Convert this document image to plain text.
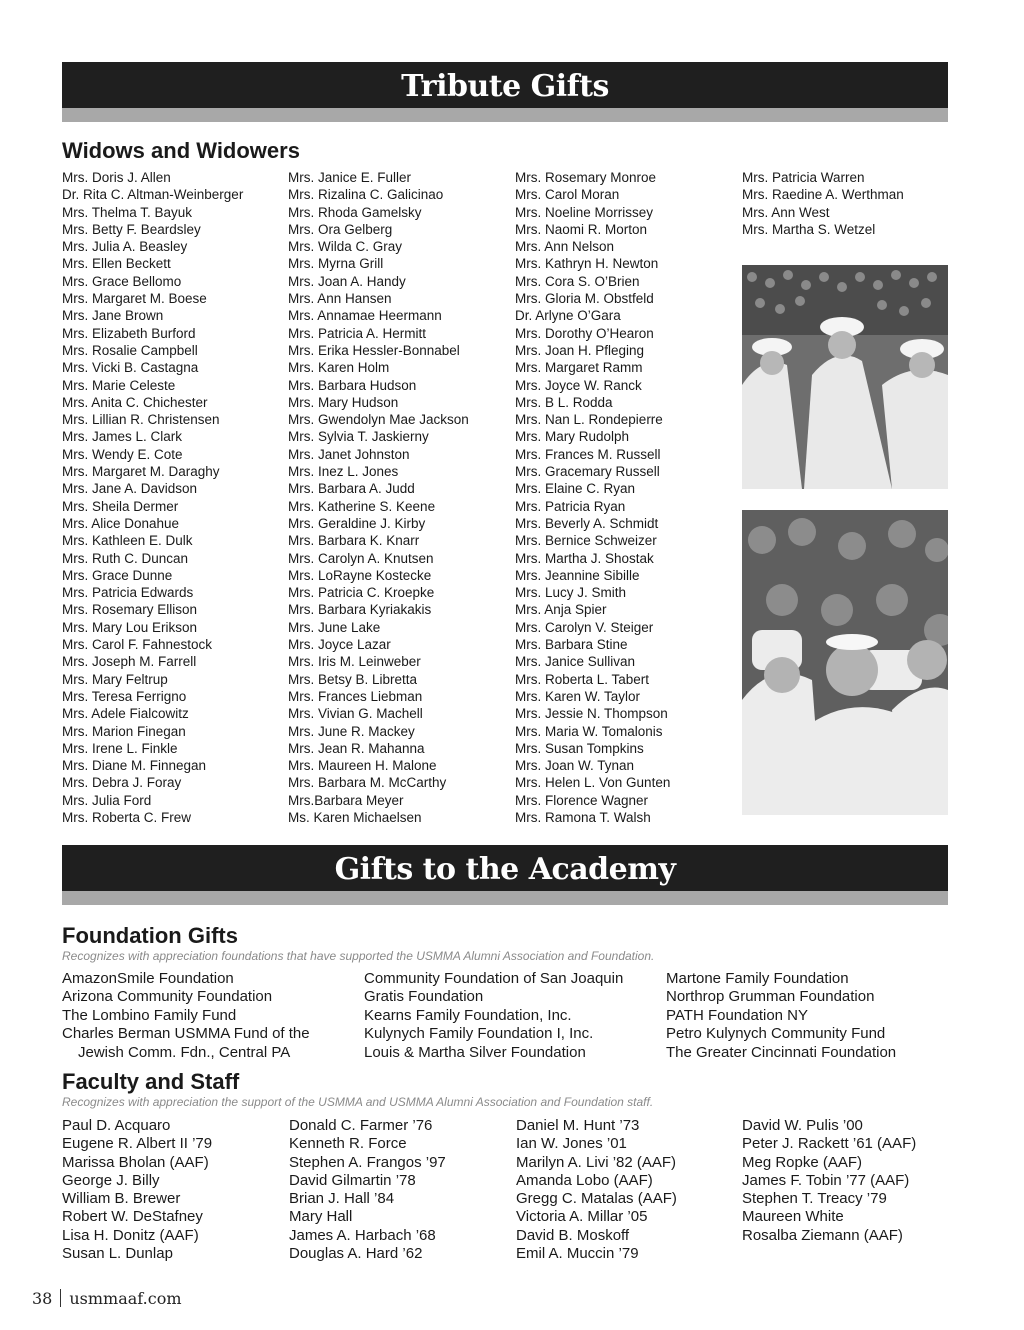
Tribute Gifts
Widows and Widowers
Mrs. Doris J. Allen
Dr. Rita C. Altman-Weinberger
Mrs. Thelma T. Bayuk
Mrs. Betty F. Beardsley
Mrs. Julia A. Beasley
Mrs. Ellen Beckett
Mrs. Grace Bellomo
Mrs. Margaret M. Boese
Mrs. Jane Brown
Mrs. Elizabeth Burford
Mrs. Rosalie Campbell
Mrs. Vicki B. Castagna
Mrs. Marie Celeste
Mrs. Anita C. Chichester
Mrs. Lillian R. Christensen
Mrs. James L. Clark
Mrs. Wendy E. Cote
Mrs. Margaret M. Daraghy
Mrs. Jane A. Davidson
Mrs. Sheila Dermer
Mrs. Alice Donahue
Mrs. Kathleen E. Dulk
Mrs. Ruth C. Duncan
Mrs. Grace Dunne
Mrs. Patricia Edwards
Mrs. Rosemary Ellison
Mrs. Mary Lou Erikson
Mrs. Carol F. Fahnestock
Mrs. Joseph M. Farrell
Mrs. Mary Feltrup
Mrs. Teresa Ferrigno
Mrs. Adele Fialcowitz
Mrs. Marion Finegan
Mrs. Irene L. Finkle
Mrs. Diane M. Finnegan
Mrs. Debra J. Foray
Mrs. Julia Ford
Mrs. Roberta C. Frew
Mrs. Janice E. Fuller
Mrs. Rizalina C. Galicinao
Mrs. Rhoda Gamelsky
Mrs. Ora Gelberg
Mrs. Wilda C. Gray
Mrs. Myrna Grill
Mrs. Joan A. Handy
Mrs. Ann Hansen
Mrs. Annamae Heermann
Mrs. Patricia A. Hermitt
Mrs. Erika Hessler-Bonnabel
Mrs. Karen Holm
Mrs. Barbara Hudson
Mrs. Mary Hudson
Mrs. Gwendolyn Mae Jackson
Mrs. Sylvia T. Jaskierny
Mrs. Janet Johnston
Mrs. Inez L. Jones
Mrs. Barbara A. Judd
Mrs. Katherine S. Keene
Mrs. Geraldine J. Kirby
Mrs. Barbara K. Knarr
Mrs. Carolyn A. Knutsen
Mrs. LoRayne Kostecke
Mrs. Patricia C. Kroepke
Mrs. Barbara Kyriakakis
Mrs. June Lake
Mrs. Joyce Lazar
Mrs. Iris M. Leinweber
Mrs. Betsy B. Libretta
Mrs. Frances Liebman
Mrs. Vivian G. Machell
Mrs. June R. Mackey
Mrs. Jean R. Mahanna
Mrs. Maureen H. Malone
Mrs. Barbara M. McCarthy
Mrs.Barbara Meyer
Ms. Karen Michaelsen
Mrs. Rosemary Monroe
Mrs. Carol Moran
Mrs. Noeline Morrissey
Mrs. Naomi R. Morton
Mrs. Ann Nelson
Mrs. Kathryn H. Newton
Mrs. Cora S. O’Brien
Mrs. Gloria M. Obstfeld
Dr. Arlyne O’Gara
Mrs. Dorothy O’Hearon
Mrs. Joan H. Pfleging
Mrs. Margaret Ramm
Mrs. Joyce W. Ranck
Mrs. B L. Rodda
Mrs. Nan L. Rondepierre
Mrs. Mary Rudolph
Mrs. Frances M. Russell
Mrs. Gracemary Russell
Mrs. Elaine C. Ryan
Mrs. Patricia Ryan
Mrs. Beverly A. Schmidt
Mrs. Bernice Schweizer
Mrs. Martha J. Shostak
Mrs. Jeannine Sibille
Mrs. Lucy J. Smith
Mrs. Anja Spier
Mrs. Carolyn V. Steiger
Mrs. Barbara Stine
Mrs. Janice Sullivan
Mrs. Roberta L. Tabert
Mrs. Karen W. Taylor
Mrs. Jessie N. Thompson
Mrs. Maria W. Tomalonis
Mrs. Susan Tompkins
Mrs. Joan W. Tynan
Mrs. Helen L. Von Gunten
Mrs. Florence Wagner
Mrs. Ramona T. Walsh
Mrs. Patricia Warren
Mrs. Raedine A. Werthman
Mrs. Ann West
Mrs. Martha S. Wetzel
Gifts to the Academy
Foundation Gifts

Recognizes with appreciation foundations that have supported the USMMA Alumni Association and Foundation.

AmazonSmile Foundation
Arizona Community Foundation
The Lombino Family Fund
Charles Berman USMMA Fund of the
Jewish Comm. Fdn., Central PA
Community Foundation of San Joaquin
Gratis Foundation
Kearns Family Foundation, Inc.
Kulynych Family Foundation I, Inc.
Louis & Martha Silver Foundation
Martone Family Foundation
Northrop Grumman Foundation
PATH Foundation NY
Petro Kulynych Community Fund
The Greater Cincinnati Foundation
Faculty and Staff

Recognizes with appreciation the support of the USMMA and USMMA Alumni Association and Foundation staff.

Paul D. Acquaro
Eugene R. Albert II ’79
Marissa Bholan (AAF)
George J. Billy
William B. Brewer
Robert W. DeStafney
Lisa H. Donitz (AAF)
Susan L. Dunlap
Donald C. Farmer ’76
Kenneth R. Force
Stephen A. Frangos ’97
David Gilmartin ’78
Brian J. Hall ’84
Mary Hall
James A. Harbach ’68
Douglas A. Hard ’62
Daniel M. Hunt ’73
Ian W. Jones ’01
Marilyn A. Livi ’82 (AAF)
Amanda Lobo (AAF)
Gregg C. Matalas (AAF)
Victoria A. Millar ’05
David B. Moskoff
Emil A. Muccin ’79
David W. Pulis ’00
Peter J. Rackett ’61 (AAF)
Meg Ropke (AAF)
James F. Tobin ’77 (AAF)
Stephen T. Treacy ’79
Maureen White
Rosalba Ziemann (AAF)
38 usmmaaf.com
